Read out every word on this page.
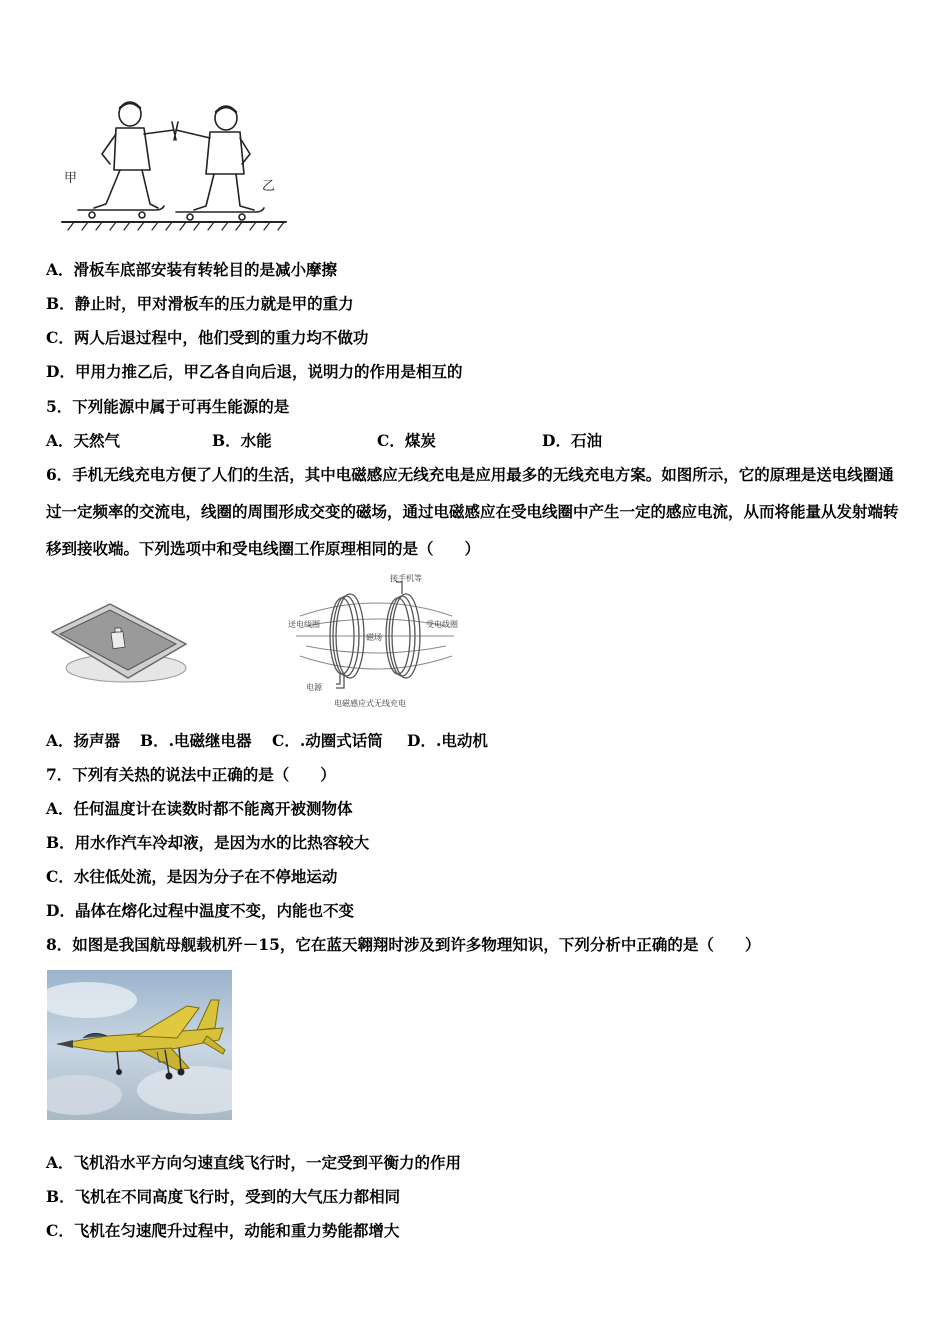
甲
乙
A．滑板车底部安装有转轮目的是减小摩擦
B．静止时，甲对滑板车的压力就是甲的重力
C．两人后退过程中，他们受到的重力均不做功
D．甲用力推乙后，甲乙各自向后退，说明力的作用是相互的
5．下列能源中属于可再生能源的是
A．天然气	B．水能	C．煤炭	D．石油
6．手机无线充电方便了人们的生活，其中电磁感应无线充电是应用最多的无线充电方案。如图所示，它的原理是送电线圈通过一定频率的交流电，线圈的周围形成交变的磁场，通过电磁感应在受电线圈中产生一定的感应电流，从而将能量从发射端转移到接收端。下列选项中和受电线圈工作原理相同的是（　　）
接手机等
送电线圈	受电线圈
磁场
电源
电磁感应式无线充电
A．扬声器 B．.电磁继电器 C．.动圈式话筒 D．.电动机
7．下列有关热的说法中正确的是（　　）
A．任何温度计在读数时都不能离开被测物体
B．用水作汽车冷却液，是因为水的比热容较大
C．水往低处流，是因为分子在不停地运动
D．晶体在熔化过程中温度不变，内能也不变
8．如图是我国航母舰载机歼－15，它在蓝天翱翔时涉及到许多物理知识，下列分析中正确的是（　　）
A．飞机沿水平方向匀速直线飞行时，一定受到平衡力的作用
B．飞机在不同高度飞行时，受到的大气压力都相同
C．飞机在匀速爬升过程中，动能和重力势能都增大
